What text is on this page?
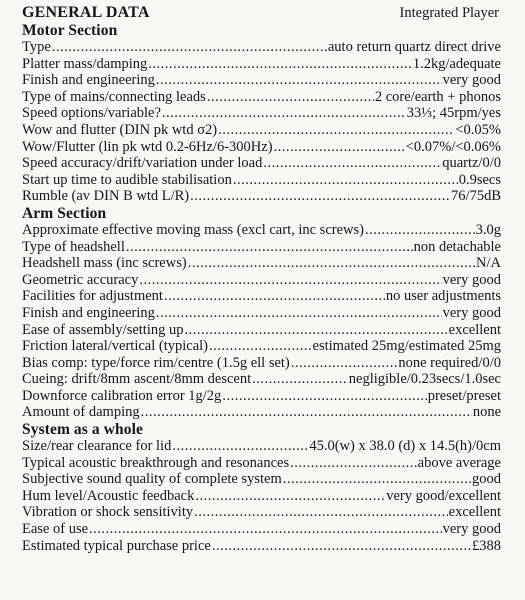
GENERAL DATA	Integrated Player
Motor Section
Type .....	auto return quartz direct drive
Platter mass/damping .....	1.2kg/adequate
Finish and engineering .....	very good
Type of mains/connecting leads .....	2 core/earth + phonos
Speed options/variable? .....	33⅓; 45rpm/yes
Wow and flutter (DIN pk wtd σ2) .....	<0.05%
Wow/Flutter (lin pk wtd 0.2-6Hz/6-300Hz) .....	<0.07%/<0.06%
Speed accuracy/drift/variation under load .....	quartz/0/0
Start up time to audible stabilisation .....	0.9secs
Rumble (av DIN B wtd L/R) .....	76/75dB
Arm Section
Approximate effective moving mass (excl cart, inc screws) .....	3.0g
Type of headshell .....	non detachable
Headshell mass (inc screws) .....	N/A
Geometric accuracy .....	very good
Facilities for adjustment .....	no user adjustments
Finish and engineering .....	very good
Ease of assembly/setting up .....	excellent
Friction lateral/vertical (typical) .....	estimated 25mg/estimated 25mg
Bias comp: type/force rim/centre (1.5g ell set) .....	none required/0/0
Cueing: drift/8mm ascent/8mm descent .....	negligible/0.23secs/1.0sec
Downforce calibration error 1g/2g .....	preset/preset
Amount of damping .....	none
System as a whole
Size/rear clearance for lid .....	45.0(w) x 38.0 (d) x 14.5(h)/0cm
Typical acoustic breakthrough and resonances .....	above average
Subjective sound quality of complete system .....	good
Hum level/Acoustic feedback .....	very good/excellent
Vibration or shock sensitivity .....	excellent
Ease of use .....	very good
Estimated typical purchase price .....	£388
